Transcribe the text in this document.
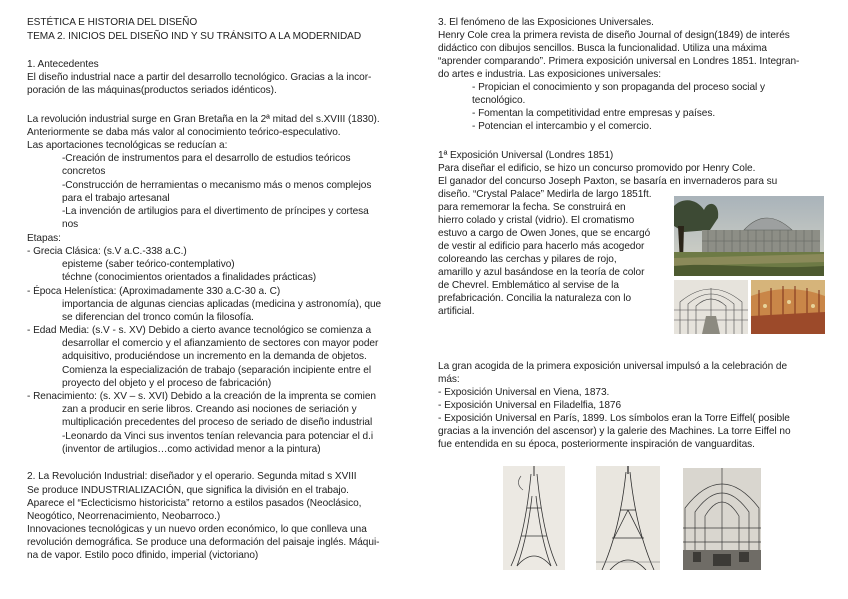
ESTÉTICA E HISTORIA DEL DISEÑO
TEMA 2. INICIOS DEL DISEÑO IND Y SU TRÁNSITO A LA MODERNIDAD
1. Antecedentes
El diseño industrial nace a partir del desarrollo tecnológico. Gracias a la incor-
poración de las máquinas(productos seriados idénticos).
La revolución industrial surge en Gran Bretaña en la 2ª mitad del s.XVIII (1830).
Anteriormente se daba más valor al conocimiento teórico-especulativo.
Las aportaciones tecnológicas se reducían a:
-Creación de instrumentos para el desarrollo de estudios teóricos
concretos
-Construcción de herramientas o mecanismo más o menos complejos
para el trabajo artesanal
-La invención de artilugios para el divertimento de príncipes y cortesa
nos
Etapas:
- Grecia Clásica: (s.V a.C.-338 a.C.)
episteme (saber teórico-contemplativo)
téchne (conocimientos orientados a finalidades prácticas)
- Época Helenística: (Aproximadamente 330 a.C-30 a. C)
importancia de algunas ciencias aplicadas (medicina y astronomía), que
se diferencian del tronco común la filosofía.
- Edad Media: (s.V - s. XV) Debido a cierto avance tecnológico se comienza a
desarrollar el comercio y el afianzamiento de sectores con mayor poder
adquisitivo, produciéndose un incremento en la demanda de objetos.
Comienza la especialización de trabajo (separación incipiente entre el
proyecto del objeto y el proceso de fabricación)
- Renacimiento: (s. XV – s. XVI) Debido a la creación de la imprenta se comien
zan a producir en serie libros. Creando asi nociones de seriación y
multiplicación precedentes del proceso de seriado de diseño industrial
-Leonardo da Vinci sus inventos tenían relevancia para potenciar el d.i
(inventor de artilugios…como actividad menor a la pintura)
2. La Revolución Industrial: diseñador y el operario. Segunda mitad s XVIII
Se produce INDUSTRIALIZACIÓN, que significa la división en el trabajo.
Aparece el “Eclecticismo historicista” retorno a estilos pasados (Neoclásico,
Neogótico, Neorrenacimiento, Neobarroco.)
Innovaciones tecnológicas y un nuevo orden económico, lo que conlleva una
revolución demográfica. Se produce una deformación del paisaje inglés. Máqui-
na de vapor. Estilo poco dfinido, imperial (victoriano)
3. El fenómeno de las Exposiciones Universales.
Henry Cole crea la primera revista de diseño Journal of design(1849) de interés
didáctico con dibujos sencillos. Busca la funcionalidad. Utiliza una máxima
“aprender comparando”. Primera exposición universal en Londres 1851. Integran-
do artes e industria. Las exposiciones universales:
- Propician el conocimiento y son propaganda del proceso social y
tecnológico.
- Fomentan la competitividad entre empresas y países.
- Potencian el intercambio y el comercio.
1ª Exposición Universal (Londres 1851)
Para diseñar el edificio, se hizo un concurso promovido por Henry Cole.
El ganador del concurso Joseph Paxton, se basaría en invernaderos para su
diseño. “Crystal Palace” Medirla de largo 1851ft.
para rememorar la fecha. Se construirá en
hierro colado y cristal (vidrio). El cromatismo
estuvo a cargo de Owen Jones, que se encargó
de vestir al edificio para hacerlo más acogedor
coloreando las cerchas y pilares de rojo,
amarillo y azul basándose en la teoría de color
de Chevrel. Emblemático al servise de la
prefabricación. Concilia la naturaleza con lo
artificial.
La gran acogida de la primera exposición universal impulsó a la celebración de
más:
- Exposición Universal en Viena, 1873.
- Exposición Universal en Filadelfia, 1876
- Exposición Universal en París, 1899. Los símbolos eran la Torre Eiffel( posible
gracias a la invención del ascensor) y la galerie des Machines. La torre Eiffel no
fue entendida en su época, posteriormente inspiración de vanguarditas.
